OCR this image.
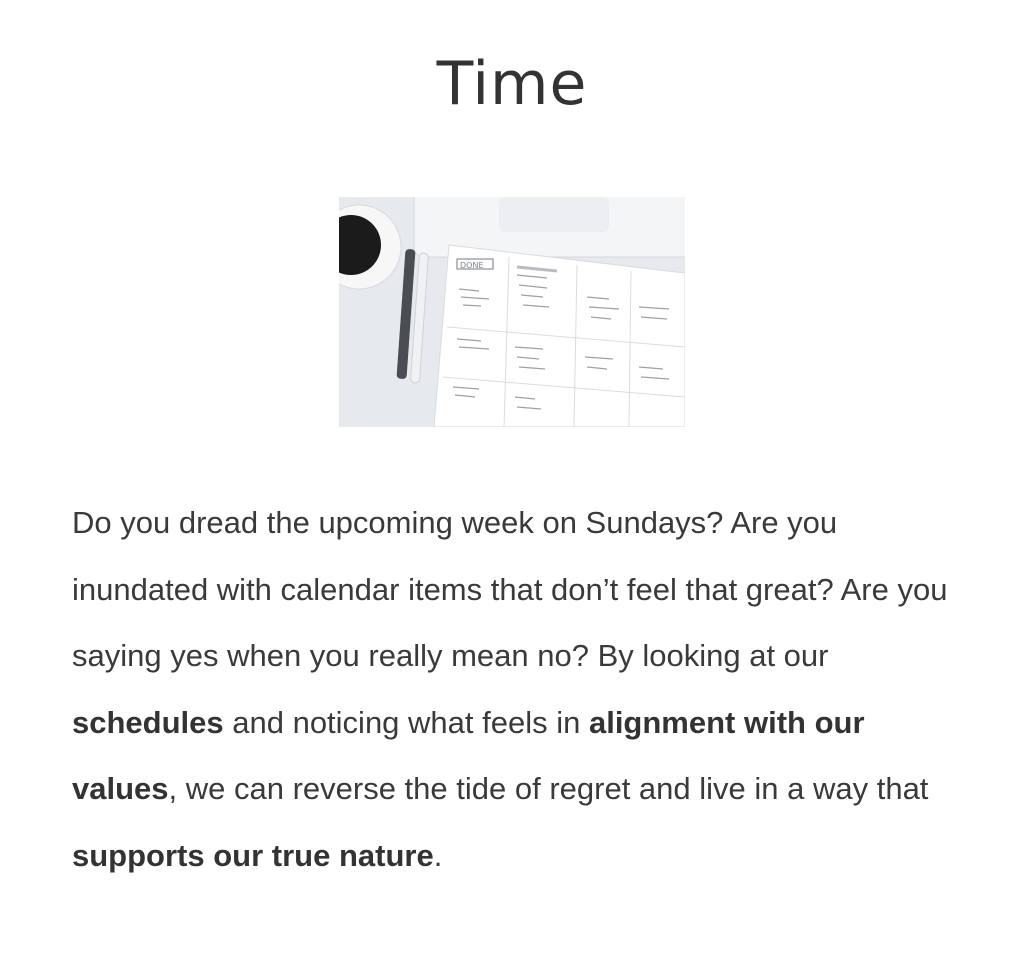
Time
DONE

Do you dread the upcoming week on Sundays? Are you inundated with calendar items that don’t feel that great? Are you saying yes when you really mean no? By looking at our schedules and noticing what feels in alignment with our values, we can reverse the tide of regret and live in a way that supports our true nature.
